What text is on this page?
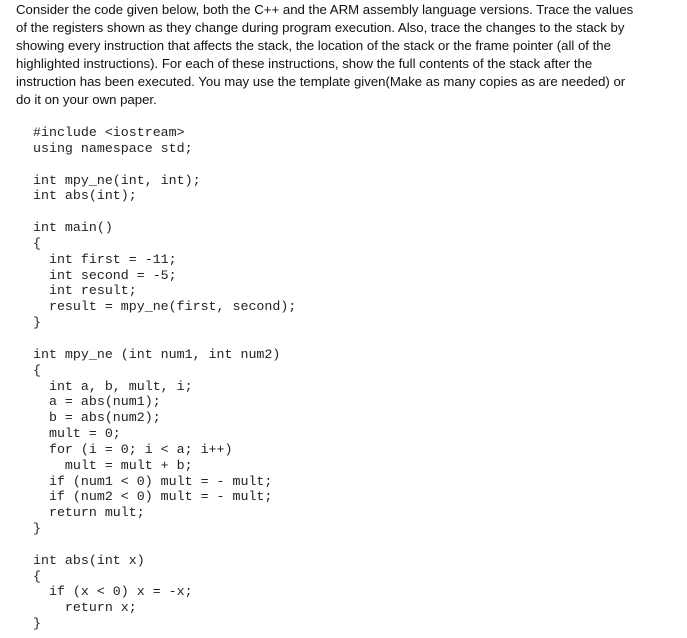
Consider the code given below, both the C++ and the ARM assembly language versions. Trace the values
of the registers shown as they change during program execution. Also, trace the changes to the stack by
showing every instruction that affects the stack, the location of the stack or the frame pointer (all of the
highlighted instructions). For each of these instructions, show the full contents of the stack after the
instruction has been executed. You may use the template given(Make as many copies as are needed) or
do it on your own paper.
#include <iostream>
using namespace std;
int mpy_ne(int, int);
int abs(int);
int main()
{
int first = -11;
int second = -5;
int result;
result = mpy_ne(first, second);
}
int mpy_ne (int num1, int num2)
{
int a, b, mult, i;
a = abs(num1);
b = abs(num2);
mult = 0;
for (i = 0; i < a; i++)
mult = mult + b;
if (num1 < 0) mult = - mult;
if (num2 < 0) mult = - mult;
return mult;
}
int abs(int x)
{
if (x < 0) x = -x;
return x;
}
